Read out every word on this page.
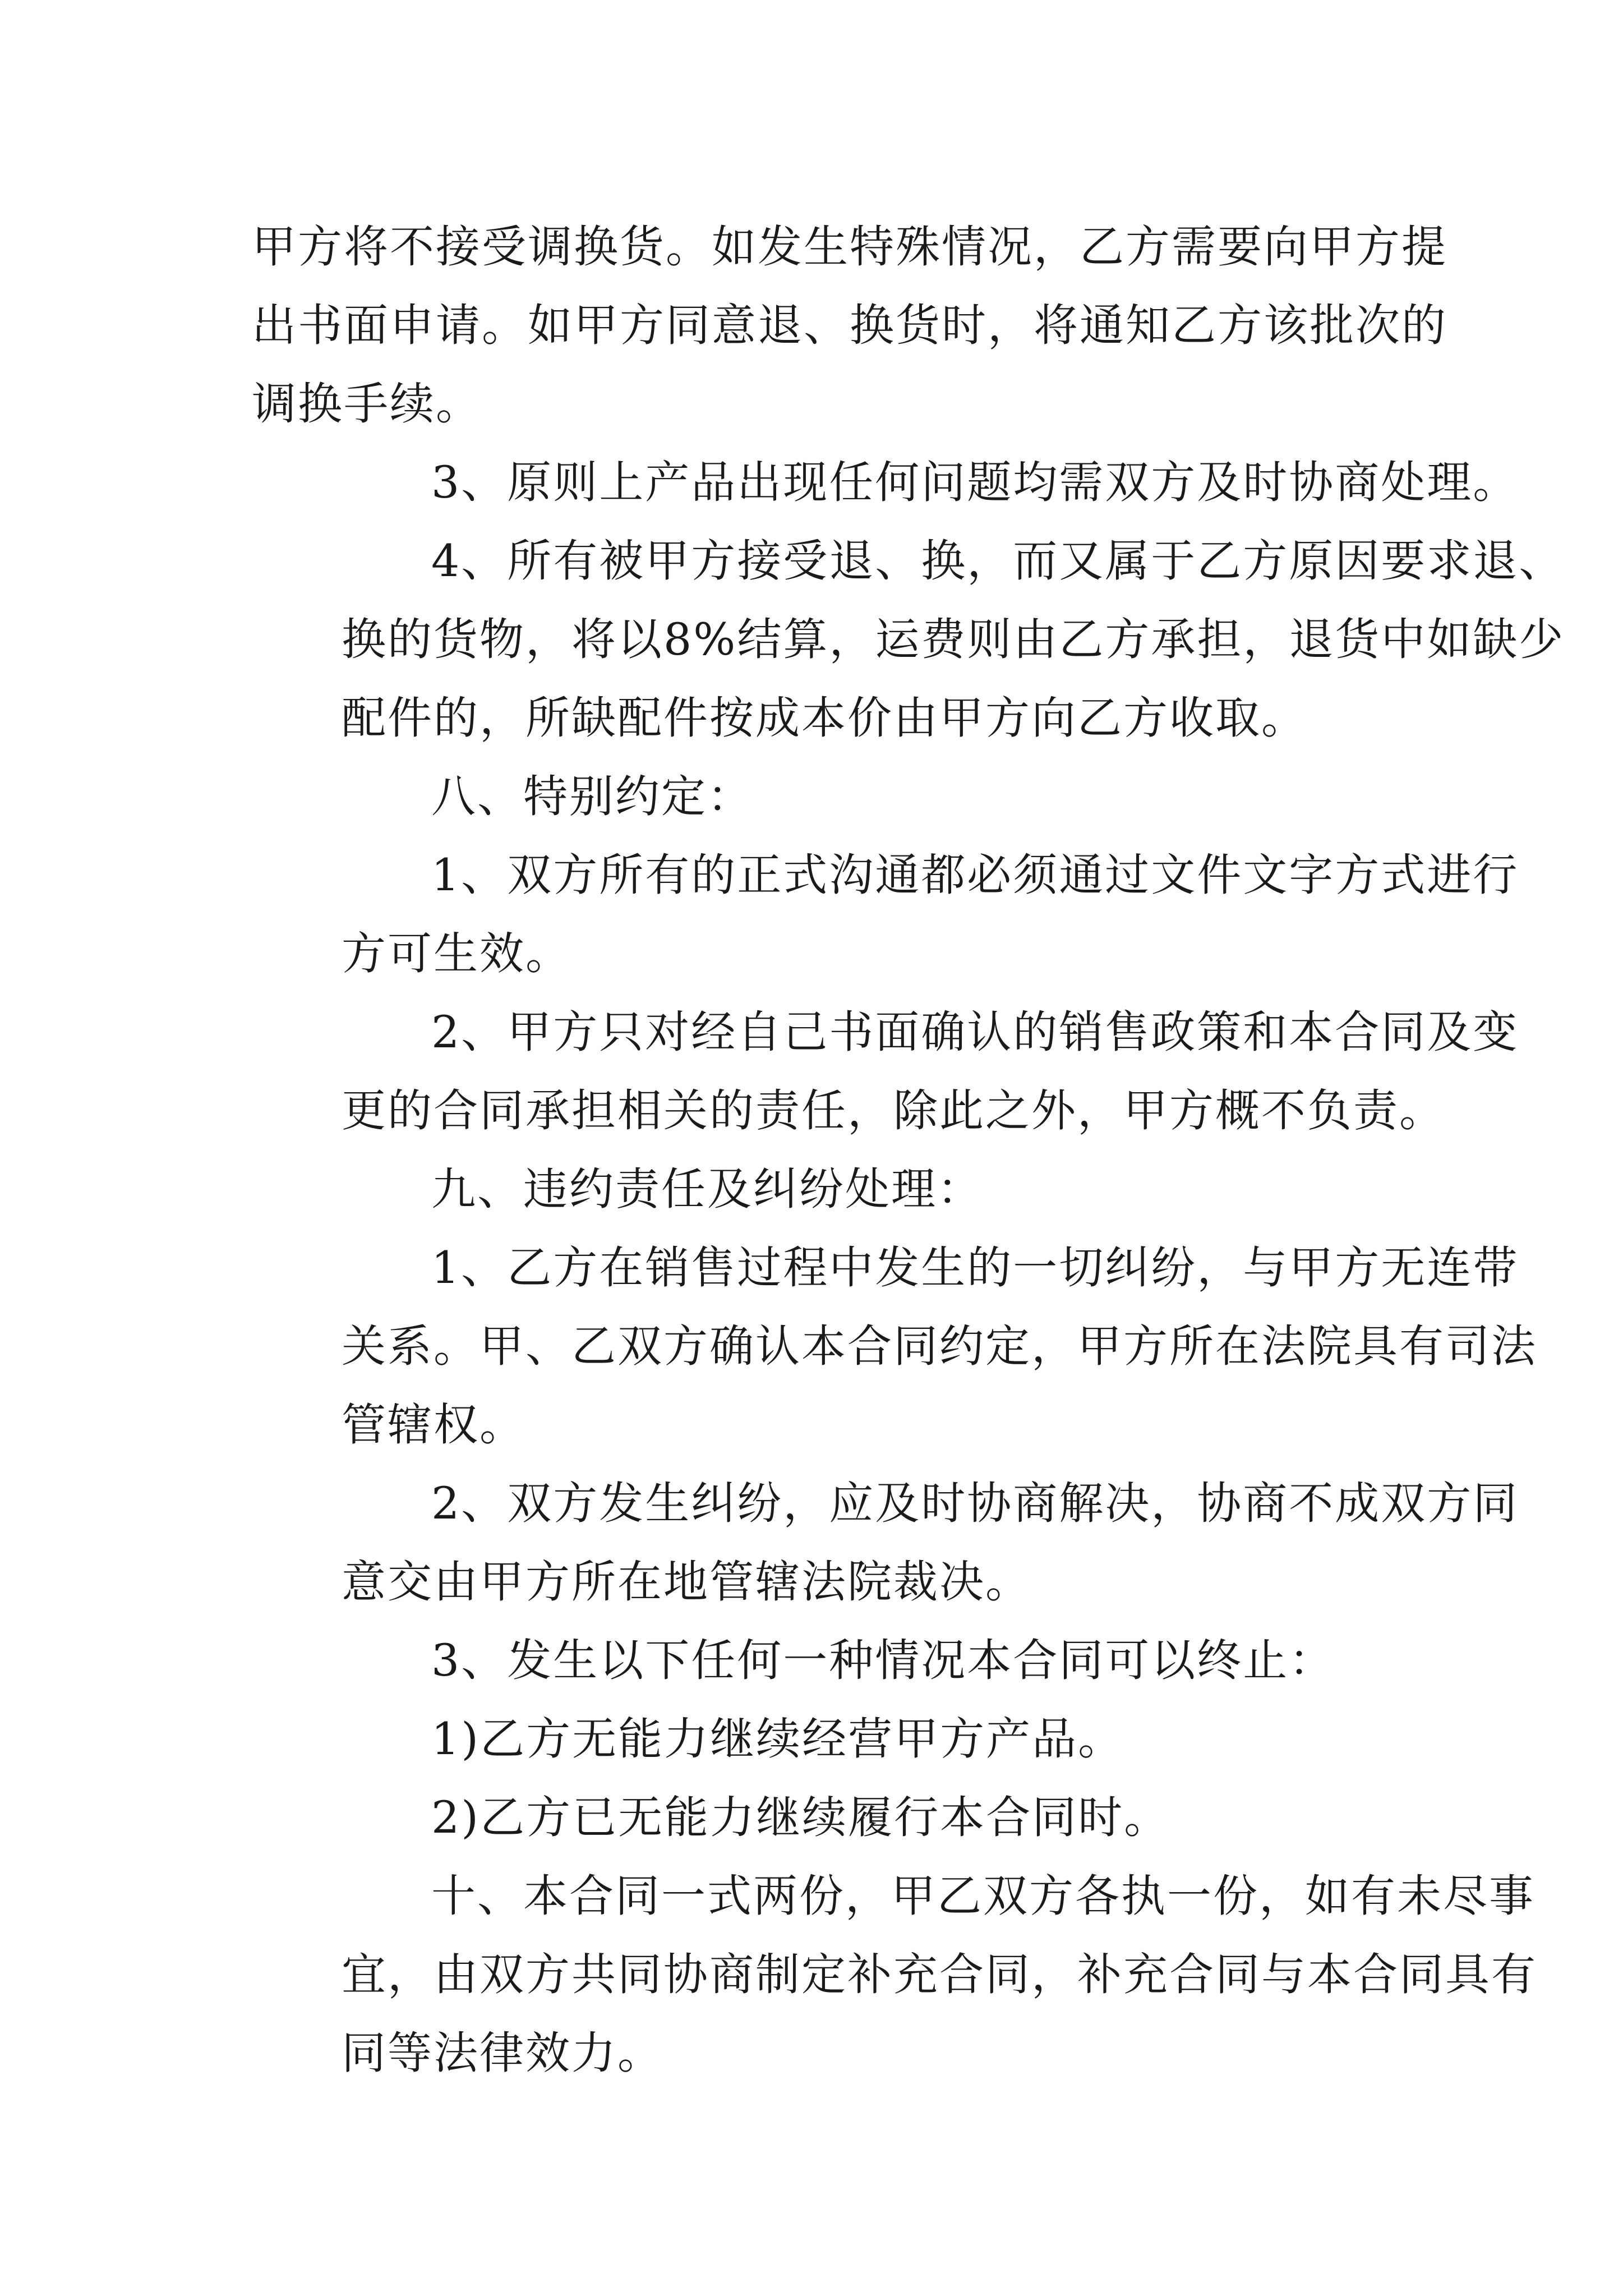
甲方将不接受调换货。如发生特殊情况，乙方需要向甲方提
出书面申请。如甲方同意退、换货时，将通知乙方该批次的
调换手续。
3、原则上产品出现任何问题均需双方及时协商处理。
4、所有被甲方接受退、换，而又属于乙方原因要求退、
换的货物，将以8%结算，运费则由乙方承担，退货中如缺少
配件的，所缺配件按成本价由甲方向乙方收取。
八、特别约定：
1、双方所有的正式沟通都必须通过文件文字方式进行
方可生效。
2、甲方只对经自己书面确认的销售政策和本合同及变
更的合同承担相关的责任，除此之外，甲方概不负责。
九、违约责任及纠纷处理：
1、乙方在销售过程中发生的一切纠纷，与甲方无连带
关系。甲、乙双方确认本合同约定，甲方所在法院具有司法
管辖权。
2、双方发生纠纷，应及时协商解决，协商不成双方同
意交由甲方所在地管辖法院裁决。
3、发生以下任何一种情况本合同可以终止：
1)乙方无能力继续经营甲方产品。
2)乙方已无能力继续履行本合同时。
十、本合同一式两份，甲乙双方各执一份，如有未尽事
宜，由双方共同协商制定补充合同，补充合同与本合同具有
同等法律效力。
